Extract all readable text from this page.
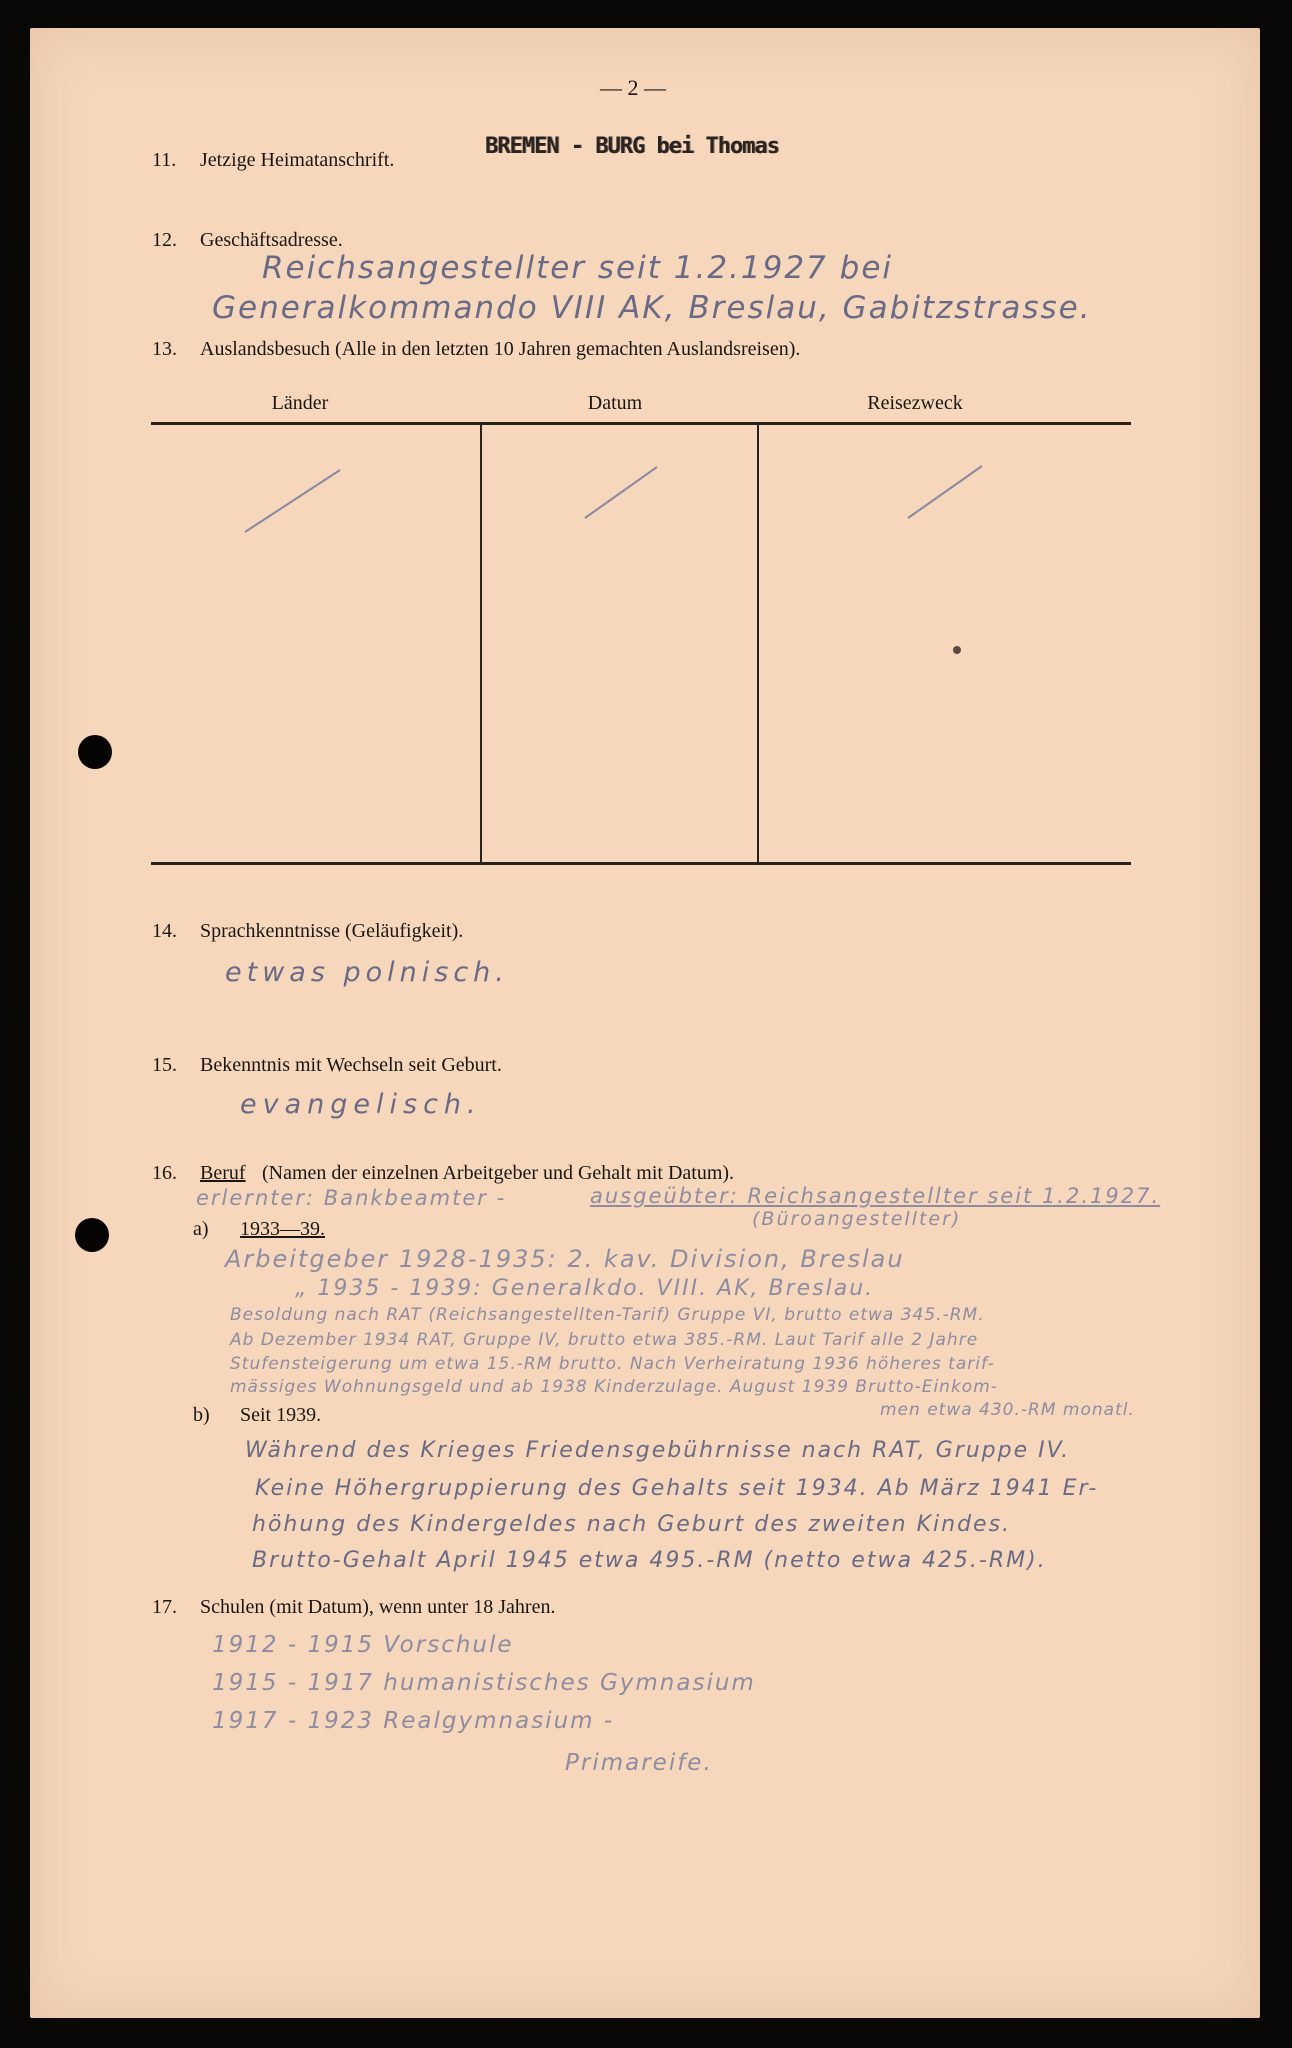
— 2 —
11. Jetzige Heimatanschrift.
BREMEN - BURG bei Thomas
12. Geschäftsadresse.
Reichsangestellter seit 1.2.1927 bei
Generalkommando VIII AK, Breslau, Gabitzstrasse.
13. Auslandsbesuch (Alle in den letzten 10 Jahren gemachten Auslandsreisen).
Länder	Datum	Reisezweck
14. Sprachkenntnisse (Geläufigkeit).
etwas polnisch.
15. Bekenntnis mit Wechseln seit Geburt.
evangelisch.
16. Beruf (Namen der einzelnen Arbeitgeber und Gehalt mit Datum).
erlernter: Bankbeamter -	ausgeübter: Reichsangestellter seit 1.2.1927.
(Büroangestellter)
a) 1933—39.
Arbeitgeber 1928-1935: 2. kav. Division, Breslau
„ 1935 - 1939: Generalkdo. VIII. AK, Breslau.
Besoldung nach RAT (Reichsangestellten-Tarif) Gruppe VI, brutto etwa 345.-RM.
Ab Dezember 1934 RAT, Gruppe IV, brutto etwa 385.-RM. Laut Tarif alle 2 Jahre
Stufensteigerung um etwa 15.-RM brutto. Nach Verheiratung 1936 höheres tarif-
mässiges Wohnungsgeld und ab 1938 Kinderzulage. August 1939 Brutto-Einkom-
men etwa 430.-RM monatl.
b) Seit 1939.
Während des Krieges Friedensgebührnisse nach RAT, Gruppe IV.
Keine Höhergruppierung des Gehalts seit 1934. Ab März 1941 Er-
höhung des Kindergeldes nach Geburt des zweiten Kindes.
Brutto-Gehalt April 1945 etwa 495.-RM (netto etwa 425.-RM).
17. Schulen (mit Datum), wenn unter 18 Jahren.
1912 - 1915 Vorschule
1915 - 1917 humanistisches Gymnasium
1917 - 1923 Realgymnasium -
Primareife.
